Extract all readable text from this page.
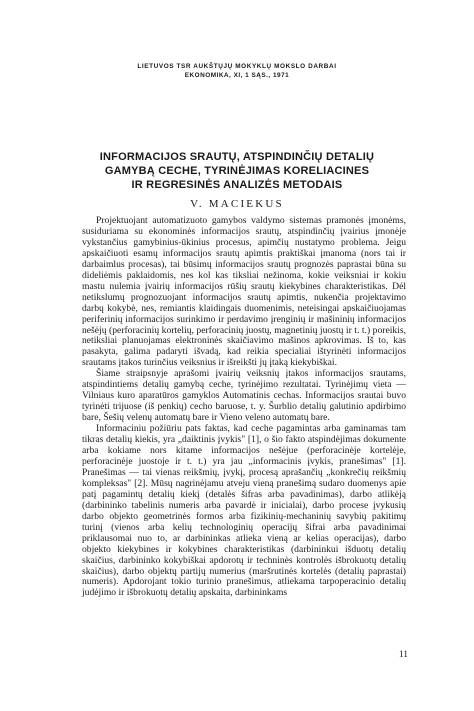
LIETUVOS TSR AUKŠTŲJŲ MOKYKLŲ MOKSLO DARBAI
EKONOMIKA, XI, 1 SĄS., 1971
INFORMACIJOS SRAUTŲ, ATSPINDINČIŲ DETALIŲ
GAMYBĄ CECHE, TYRINĖJIMAS KORELIACINES
IR REGRESINĖS ANALIZĖS METODAIS
V. MACIEKUS

Projektuojant automatizuoto gamybos valdymo sistemas pramonės įmonėms, susiduriama su ekonominės informacijos srautų, atspindinčių įvairius įmonėje vykstančius gamybinius-ūkinius procesus, apimčių nustatymo problema. Jeigu apskaičiuoti esamų informacijos srautų apimtis praktiškai įmanoma (nors tai ir darbaimlus procesas), tai būsimų informacijos srautų prognozės paprastai būna su dideliėmis paklaidomis, nes kol kas tiksliai nežinoma, kokie veiksniai ir kokiu mastu nulemia įvairių informacijos rūšių srautų kiekybines charakteristikas. Dėl netikslumų prognozuojant informacijos srautų apimtis, nukenčia projektavimo darbų kokybė, nes, remiantis klaidingais duomenimis, neteisingai apskaičiuojamas periferinių informacijos surinkimo ir perdavimo įrenginių ir mašininių informacijos nešėjų (perforacinių kortelių, perforacinių juostų, magnetinių juostų ir t. t.) poreikis, netiksliai planuojamas elektroninės skaičiavimo mašinos apkrovimas. Iš to, kas pasakyta, galima padaryti išvadą, kad reikia specialiai ištyrinėti informacijos srautams įtakos turinčius veiksnius ir išreikšti jų įtaką kiekybiškai.

Šiame straipsnyje aprašomi įvairių veiksnių įtakos informacijos srautams, atspindintiems detalių gamybą ceche, tyrinėjimo rezultatai. Tyrinėjimų vieta — Vilniaus kuro aparatūros gamyklos Automatinis cechas. Informacijos srautai buvo tyrinėti trijuose (iš penkių) cecho baruose, t. y. Šurblio detalių galutinio apdirbimo bare, Šešių velenų automatų bare ir Vieno veleno automatų bare.

Informaciniu požiūriu pats faktas, kad ceche pagamintas arba gaminamas tam tikras detalių kiekis, yra „daiktinis įvykis" [1], o šio fakto atspindėjimas dokumente arba kokiame nors kitame informacijos nešėjue (perforacinėje kortelėje, perforacinėje juostoje ir t. t.) yra jau „informacinis įvykis, pranešimas" [1]. Pranešimas — tai vienas reikšmių, įvykį, procesą aprašančių „konkrečių reikšmių kompleksas" [2]. Mūsų nagrinėjamu atveju vieną pranešimą sudaro duomenys apie patį pagamintų detalių kiekį (detalės šifras arba pavadinimas), darbo atlikėją (darbininko tabelinis numeris arba pavardė ir inicialai), darbo procese įvykusių darbo objekto geometrinės formos arba fizikinių-mechaninių savybių pakitimų turinį (vienos arba kelių technologinių operacijų šifrai arba pavadinimai priklausomai nuo to, ar darbininkas atlieka vieną ar kelias operacijas), darbo objekto kiekybines ir kokybines charakteristikas (darbininkui išduotų detalių skaičius, darbininko kokybiškai apdorotų ir techninės kontrolės išbrokuotų detalių skaičius), darbo objektų partijų numerius (maršrutinės kortelės (detalių paprastai) numeris). Apdorojant tokio turinio pranešimus, atliekama tarpoperacinio detalių judėjimo ir išbrokuotų detalių apskaita, darbininkams

11
